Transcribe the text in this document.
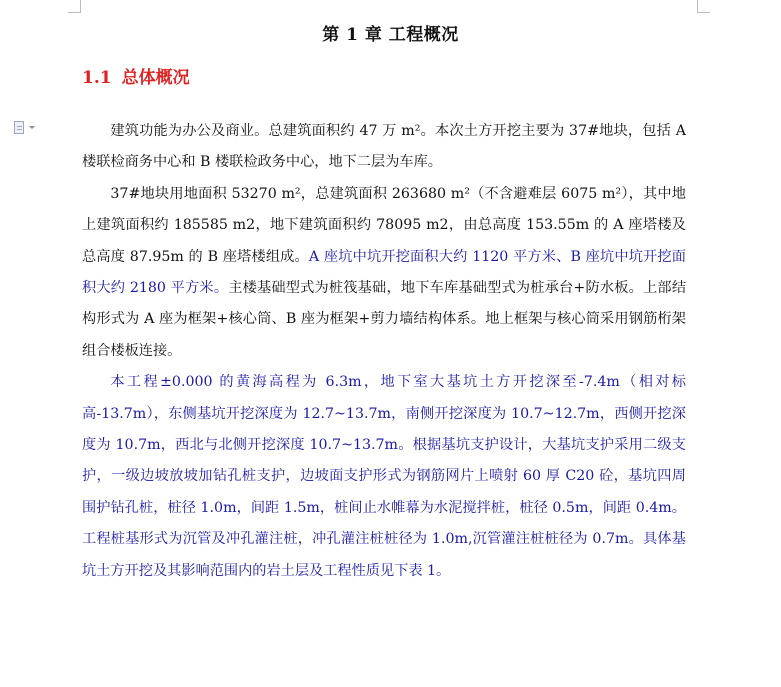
第 1 章 工程概况
1.1 总体概况

建筑功能为办公及商业。总建筑面积约 47 万 m²。本次土方开挖主要为 37#地块，包括 A 楼联检商务中心和 B 楼联检政务中心，地下二层为车库。

37#地块用地面积 53270 m²，总建筑面积 263680 m²（不含避难层 6075 m²），其中地上建筑面积约 185585 m2，地下建筑面积约 78095 m2，由总高度 153.55m 的 A 座塔楼及总高度 87.95m 的 B 座塔楼组成。A 座坑中坑开挖面积大约 1120 平方米、B 座坑中坑开挖面积大约 2180 平方米。主楼基础型式为桩筏基础，地下车库基础型式为桩承台+防水板。上部结构形式为 A 座为框架+核心筒、B 座为框架+剪力墙结构体系。地上框架与核心筒采用钢筋桁架组合楼板连接。

本工程±0.000 的黄海高程为 6.3m，地下室大基坑土方开挖深至-7.4m（相对标高-13.7m），东侧基坑开挖深度为 12.7~13.7m，南侧开挖深度为 10.7~12.7m，西侧开挖深度为 10.7m，西北与北侧开挖深度 10.7~13.7m。根据基坑支护设计，大基坑支护采用二级支护，一级边坡放坡加钻孔桩支护，边坡面支护形式为钢筋网片上喷射 60 厚 C20 砼，基坑四周围护钻孔桩，桩径 1.0m，间距 1.5m，桩间止水帷幕为水泥搅拌桩，桩径 0.5m，间距 0.4m。工程桩基形式为沉管及冲孔灌注桩，冲孔灌注桩桩径为 1.0m,沉管灌注桩桩径为 0.7m。具体基坑土方开挖及其影响范围内的岩土层及工程性质见下表 1。
